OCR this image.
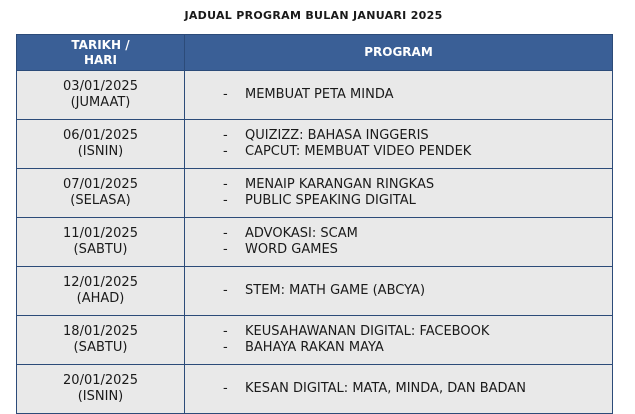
JADUAL PROGRAM BULAN JANUARI 2025
TARIKH /
HARI	PROGRAM

03/01/2025
(JUMAAT)	- MEMBUAT PETA MINDA

06/01/2025
(ISNIN)	- QUIZIZZ: BAHASA INGGERIS
- CAPCUT: MEMBUAT VIDEO PENDEK

07/01/2025
(SELASA)	- MENAIP KARANGAN RINGKAS
- PUBLIC SPEAKING DIGITAL

11/01/2025
(SABTU)	- ADVOKASI: SCAM
- WORD GAMES

12/01/2025
(AHAD)	- STEM: MATH GAME (ABCYA)

18/01/2025
(SABTU)	- KEUSAHAWANAN DIGITAL: FACEBOOK
- BAHAYA RAKAN MAYA

20/01/2025
(ISNIN)	- KESAN DIGITAL: MATA, MINDA, DAN BADAN
